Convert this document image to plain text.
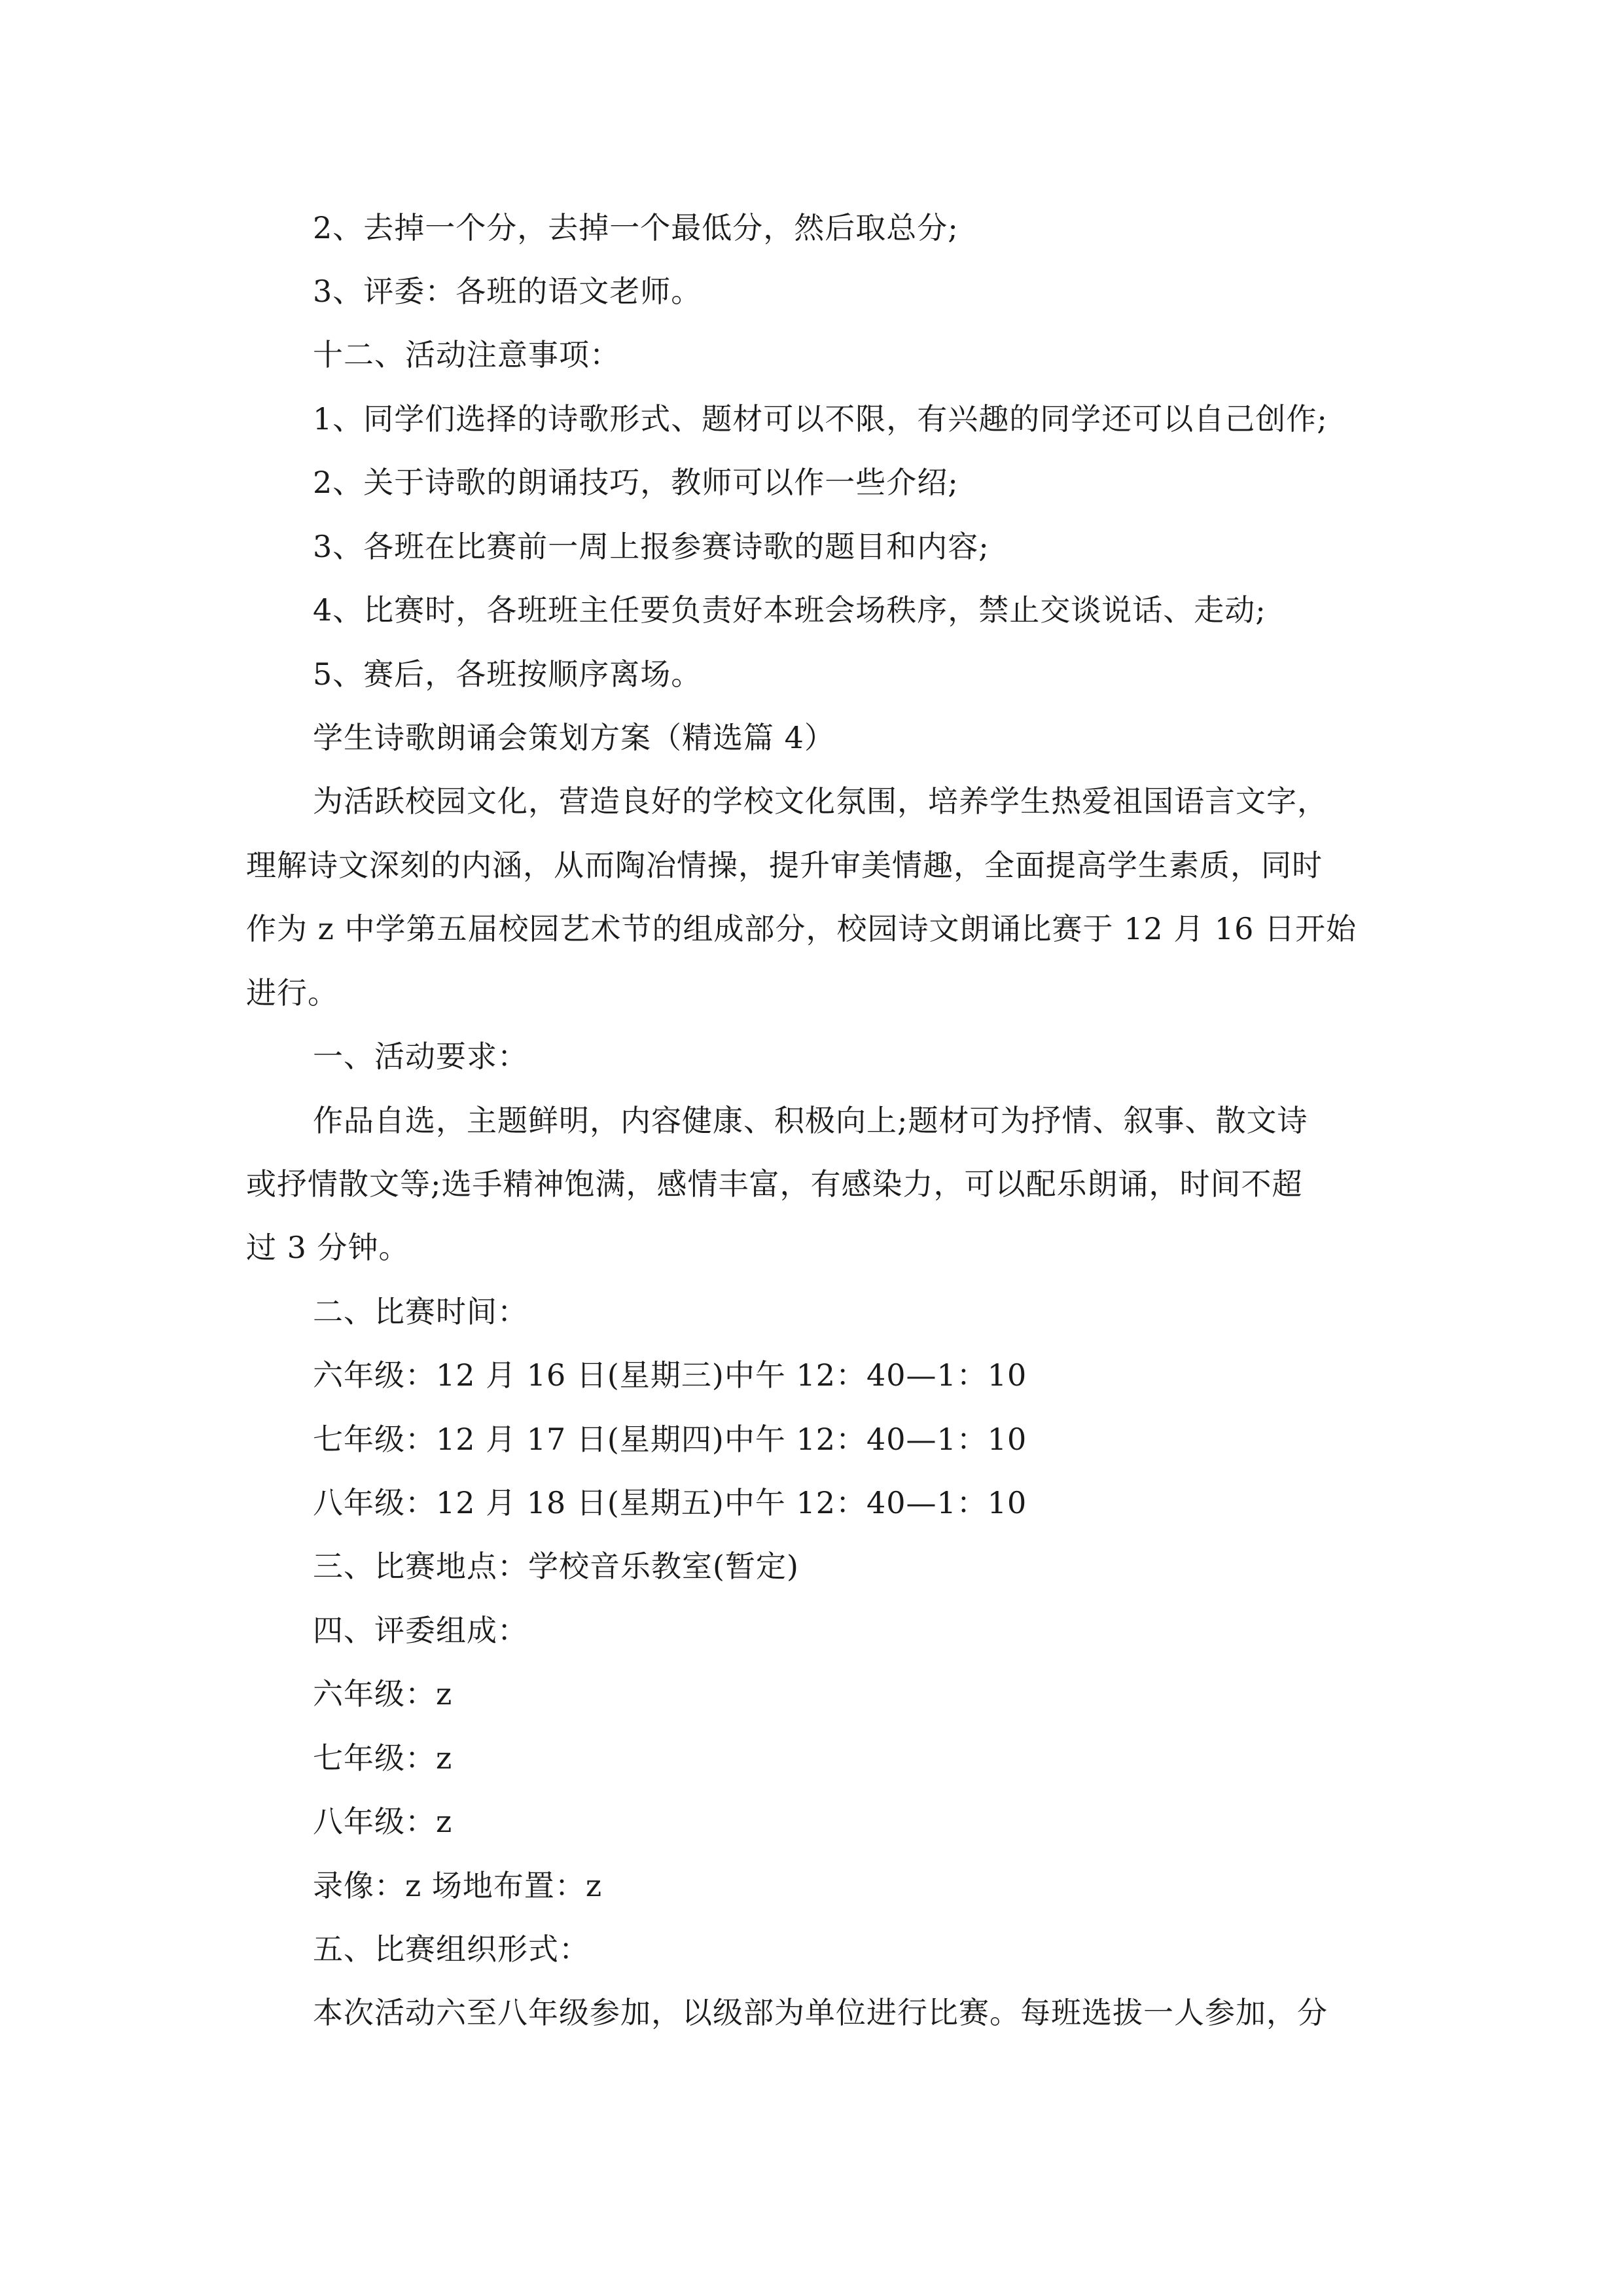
2、去掉一个分，去掉一个最低分，然后取总分;
3、评委：各班的语文老师。
十二、活动注意事项：
1、同学们选择的诗歌形式、题材可以不限，有兴趣的同学还可以自己创作;
2、关于诗歌的朗诵技巧，教师可以作一些介绍;
3、各班在比赛前一周上报参赛诗歌的题目和内容;
4、比赛时，各班班主任要负责好本班会场秩序，禁止交谈说话、走动;
5、赛后，各班按顺序离场。
学生诗歌朗诵会策划方案（精选篇 4）
为活跃校园文化，营造良好的学校文化氛围，培养学生热爱祖国语言文字，
理解诗文深刻的内涵，从而陶冶情操，提升审美情趣，全面提高学生素质，同时
作为 z 中学第五届校园艺术节的组成部分，校园诗文朗诵比赛于 12 月 16 日开始
进行。
一、活动要求：
作品自选，主题鲜明，内容健康、积极向上;题材可为抒情、叙事、散文诗
或抒情散文等;选手精神饱满，感情丰富，有感染力，可以配乐朗诵，时间不超
过 3 分钟。
二、比赛时间：
六年级：12 月 16 日(星期三)中午 12：40—1：10
七年级：12 月 17 日(星期四)中午 12：40—1：10
八年级：12 月 18 日(星期五)中午 12：40—1：10
三、比赛地点：学校音乐教室(暂定)
四、评委组成：
六年级：z
七年级：z
八年级：z
录像：z 场地布置：z
五、比赛组织形式：
本次活动六至八年级参加，以级部为单位进行比赛。每班选拔一人参加，分
